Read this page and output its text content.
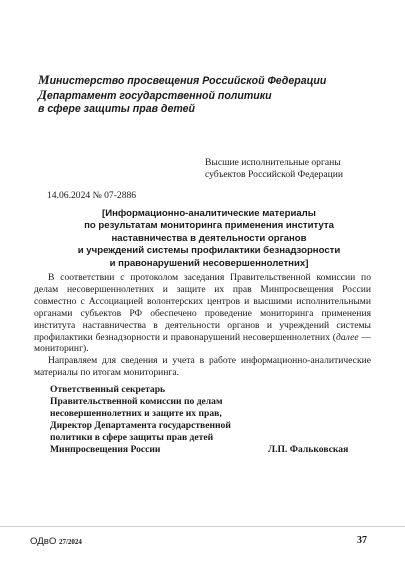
Министерство просвещения Российской Федерации
Департамент государственной политики
в сфере защиты прав детей
Высшие исполнительные органы
субъектов Российской Федерации
14.06.2024 № 07-2886
[Информационно-аналитические материалы
по результатам мониторинга применения института
наставничества в деятельности органов
и учреждений системы профилактики безнадзорности
и правонарушений несовершеннолетних]

В соответствии с протоколом заседания Правительственной комиссии по делам несовершеннолетних и защите их прав Минпросвещения России совместно с Ассоциацией волонтерских центров и высшими исполнительными органами субъектов РФ обеспечено проведение мониторинга применения института наставничества в деятельности органов и учреждений системы профилактики безнадзорности и правонарушений несовершеннолетних (далее — мониторинг).

Направляем для сведения и учета в работе информационно-аналитические материалы по итогам мониторинга.

Ответственный секретарь
Правительственной комиссии по делам
несовершеннолетних и защите их прав,
Директор Департамента государственной
политики в сфере защиты прав детей
Минпросвещения России	Л.П. Фальковская
ОДвО 27/2024	37
